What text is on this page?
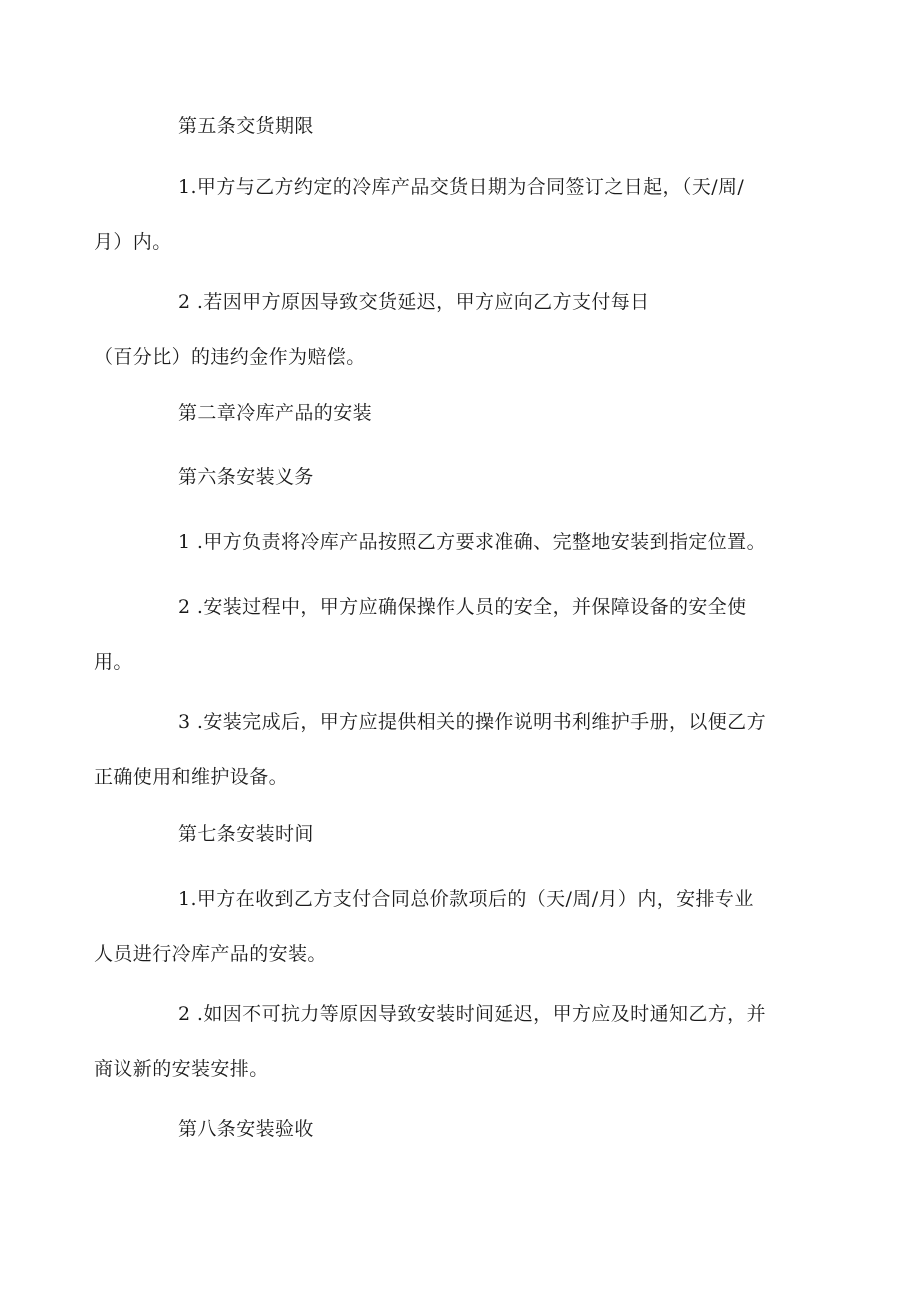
第五条交货期限

1.甲方与乙方约定的冷库产品交货日期为合同签订之日起，（天/周/
月）内。
2 .若因甲方原因导致交货延迟，甲方应向乙方支付每日
（百分比）的违约金作为赔偿。

第二章冷库产品的安装

第六条安装义务

1 .甲方负责将冷库产品按照乙方要求准确、完整地安装到指定位置。
2 .安装过程中，甲方应确保操作人员的安全，并保障设备的安全使
用。
3 .安装完成后，甲方应提供相关的操作说明书利维护手册，以便乙方
正确使用和维护设备。

第七条安装时间

1.甲方在收到乙方支付合同总价款项后的（天/周/月）内，安排专业
人员进行冷库产品的安装。
2 .如因不可抗力等原因导致安装时间延迟，甲方应及时通知乙方，并
商议新的安装安排。

第八条安装验收
